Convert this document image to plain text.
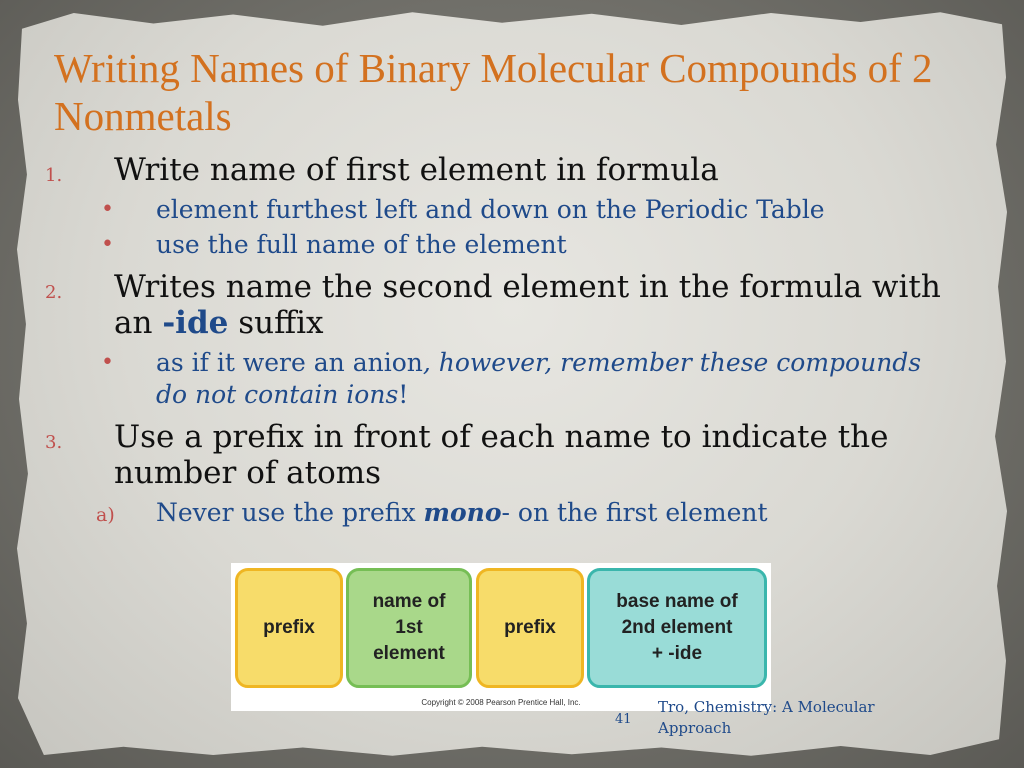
Writing Names of Binary Molecular Compounds of 2 Nonmetals
1. Write name of first element in formula
• element furthest left and down on the Periodic Table
• use the full name of the element
2. Writes name the second element in the formula with an -ide suffix
• as if it were an anion, however, remember these compounds do not contain ions!
3. Use a prefix in front of each name to indicate the number of atoms
a) Never use the prefix mono- on the first element
prefix
name of
1st
element
prefix
base name of
2nd element
+ -ide
Copyright © 2008 Pearson Prentice Hall, Inc.
41
Tro, Chemistry: A Molecular Approach
